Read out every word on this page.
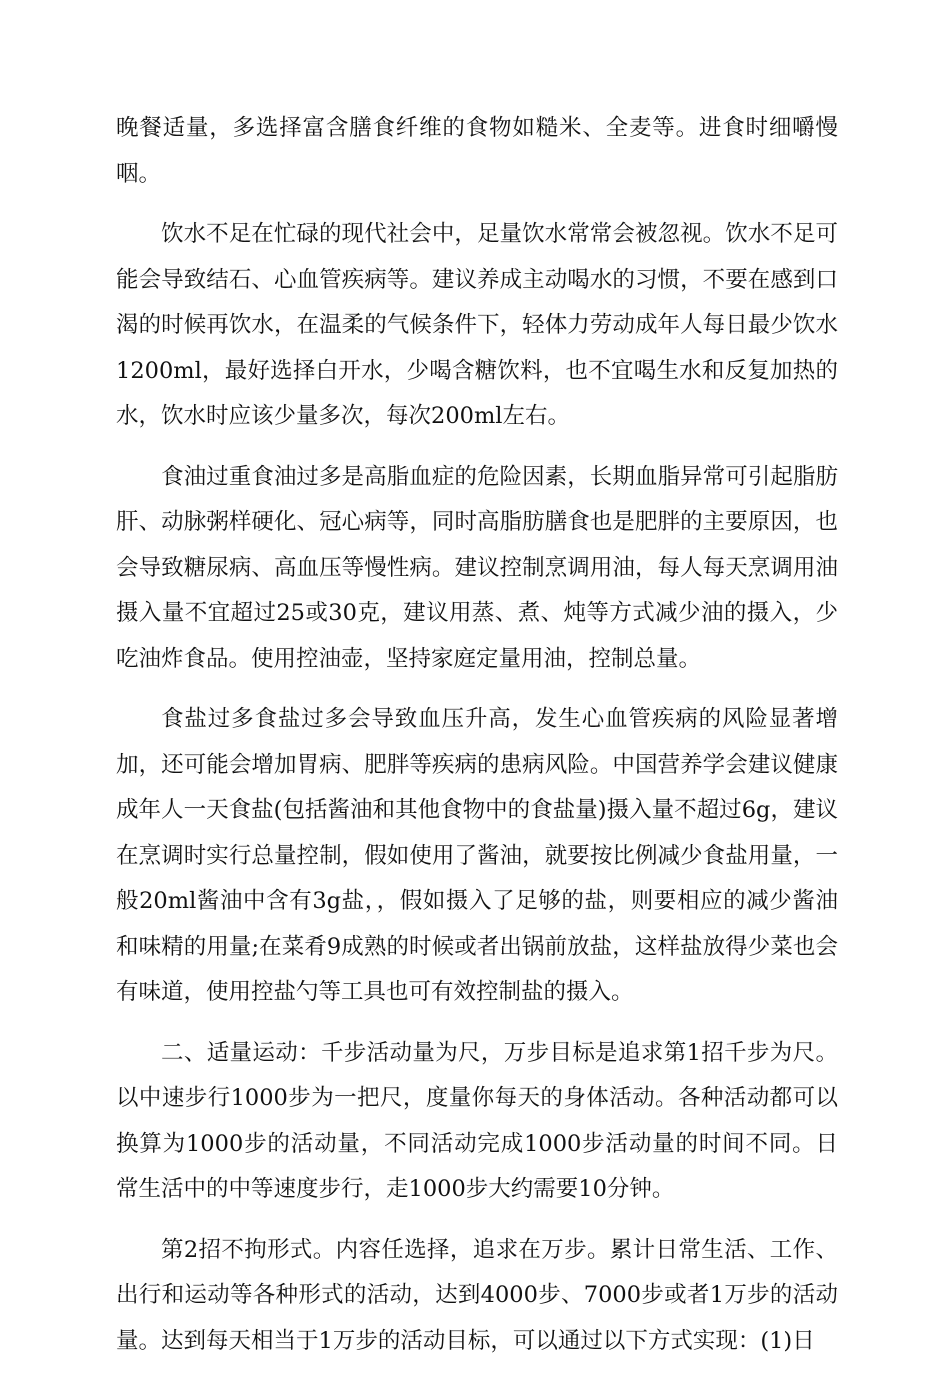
晚餐适量，多选择富含膳食纤维的食物如糙米、全麦等。进食时细嚼慢咽。

饮水不足在忙碌的现代社会中，足量饮水常常会被忽视。饮水不足可能会导致结石、心血管疾病等。建议养成主动喝水的习惯，不要在感到口渴的时候再饮水，在温柔的气候条件下，轻体力劳动成年人每日最少饮水1200ml，最好选择白开水，少喝含糖饮料，也不宜喝生水和反复加热的水，饮水时应该少量多次，每次200ml左右。

食油过重食油过多是高脂血症的危险因素，长期血脂异常可引起脂肪肝、动脉粥样硬化、冠心病等，同时高脂肪膳食也是肥胖的主要原因，也会导致糖尿病、高血压等慢性病。建议控制烹调用油，每人每天烹调用油摄入量不宜超过25或30克，建议用蒸、煮、炖等方式减少油的摄入，少吃油炸食品。使用控油壶，坚持家庭定量用油，控制总量。

食盐过多食盐过多会导致血压升高，发生心血管疾病的风险显著增加，还可能会增加胃病、肥胖等疾病的患病风险。中国营养学会建议健康成年人一天食盐(包括酱油和其他食物中的食盐量)摄入量不超过6g，建议在烹调时实行总量控制，假如使用了酱油，就要按比例减少食盐用量，一般20ml酱油中含有3g盐，，假如摄入了足够的盐，则要相应的减少酱油和味精的用量;在菜肴9成熟的时候或者出锅前放盐，这样盐放得少菜也会有味道，使用控盐勺等工具也可有效控制盐的摄入。

二、适量运动：千步活动量为尺，万步目标是追求第1招千步为尺。以中速步行1000步为一把尺，度量你每天的身体活动。各种活动都可以换算为1000步的活动量，不同活动完成1000步活动量的时间不同。日常生活中的中等速度步行，走1000步大约需要10分钟。

第2招不拘形式。内容任选择，追求在万步。累计日常生活、工作、出行和运动等各种形式的活动，达到4000步、7000步或者1万步的活动量。达到每天相当于1万步的活动目标，可以通过以下方式实现：(1)日
